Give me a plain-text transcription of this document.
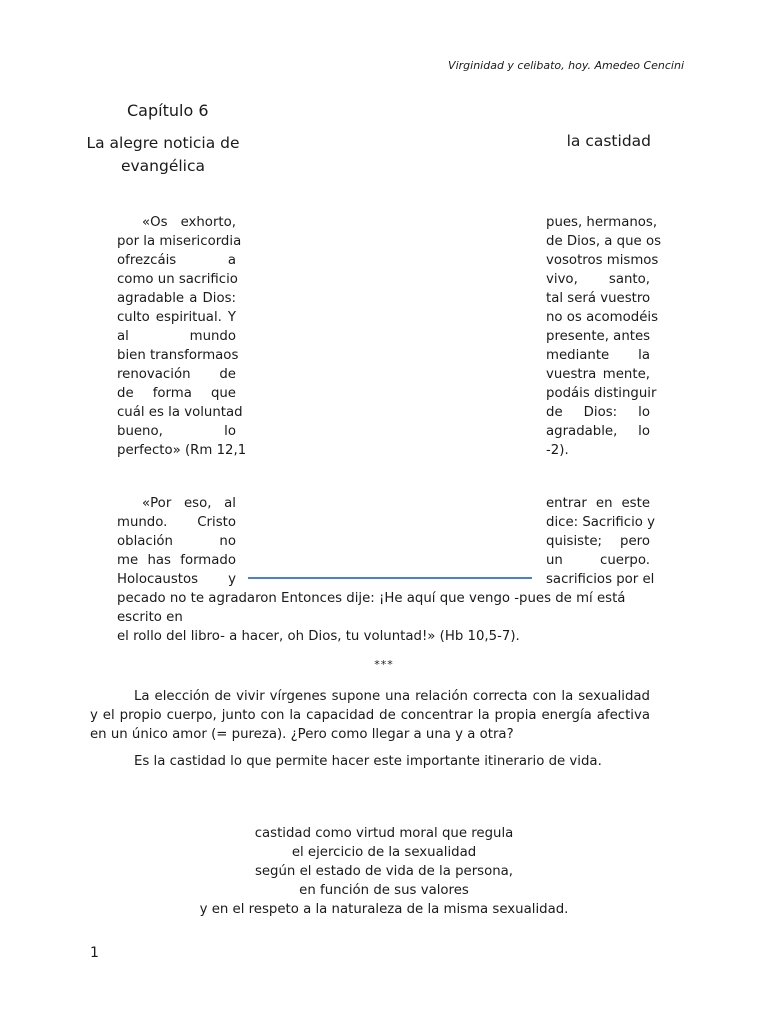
Virginidad y celibato, hoy. Amedeo Cencini
Capítulo 6
La alegre noticia de
evangélica
la castidad
«Os exhorto,
por la misericordia
ofrezcáis a
como un sacrificio
agradable a Dios:
culto espiritual. Y
al mundo
bien transformaos
renovación de
de forma que
cuál es la voluntad
bueno, lo
perfecto» (Rm 12,1
pues, hermanos,
de Dios, a que os
vosotros mismos
vivo, santo,
tal será vuestro
no os acomodéis
presente, antes
mediante la
vuestra mente,
podáis distinguir
de Dios: lo
agradable, lo
-2).
«Por eso, al
mundo. Cristo
oblación no
me has formado
Holocaustos y
entrar en este
dice: Sacrificio y
quisiste; pero
un cuerpo.
sacrificios por el
pecado no te agradaron Entonces dije: ¡He aquí que vengo -pues de mí está escrito en
el rollo del libro- a hacer, oh Dios, tu voluntad!» (Hb 10,5-7).
***
La elección de vivir vírgenes supone una relación correcta con la sexualidad y el propio cuerpo, junto con la capacidad de concentrar la propia energía afectiva en un único amor (= pureza). ¿Pero como llegar a una y a otra?
Es la castidad lo que permite hacer este importante itinerario de vida.
castidad como virtud moral que regula
el ejercicio de la sexualidad
según el estado de vida de la persona,
en función de sus valores
y en el respeto a la naturaleza de la misma sexualidad.
1
